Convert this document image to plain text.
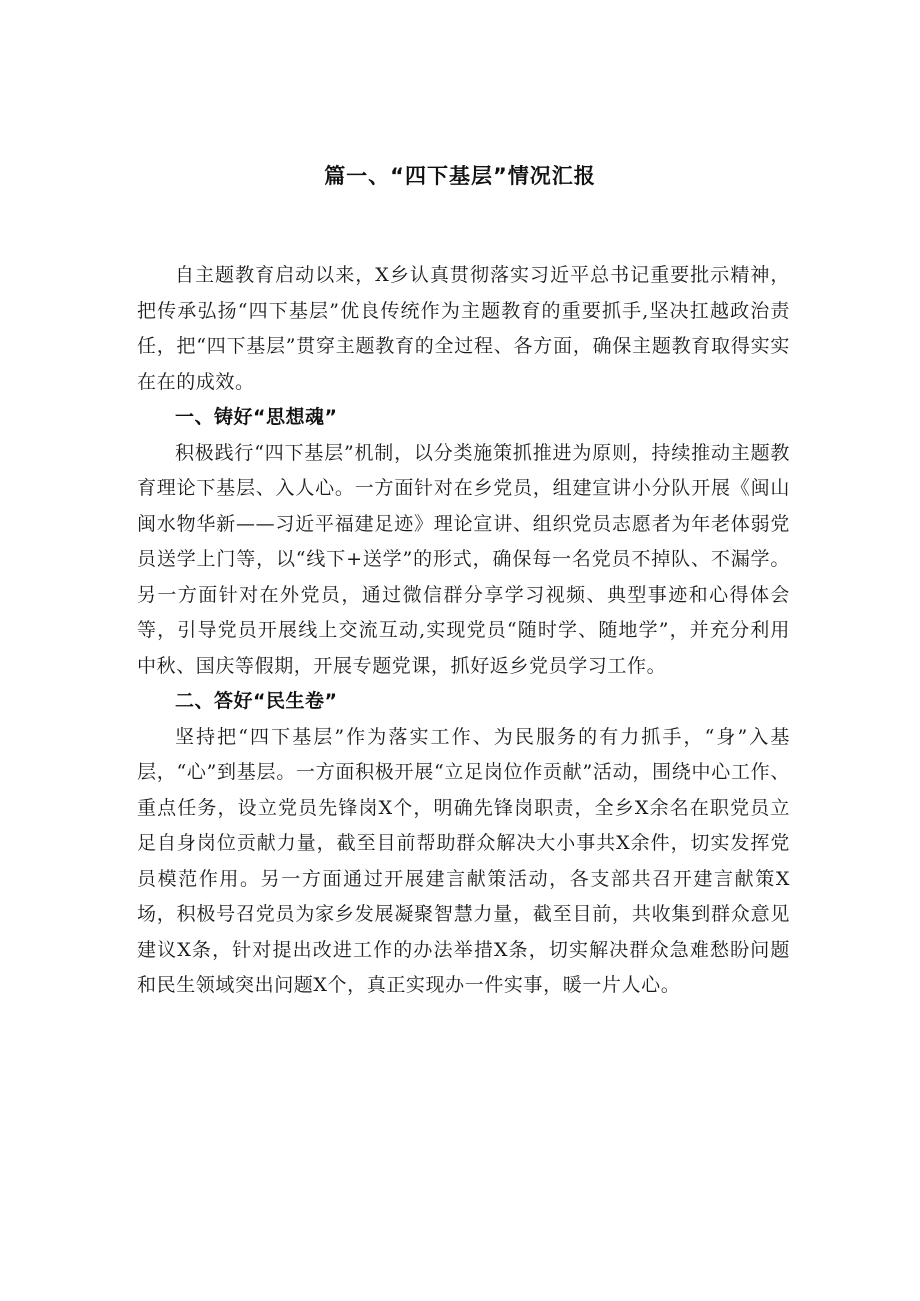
篇一、“四下基层”情况汇报

自主题教育启动以来，X乡认真贯彻落实习近平总书记重要批示精神，把传承弘扬“四下基层”优良传统作为主题教育的重要抓手,坚决扛越政治责任，把“四下基层”贯穿主题教育的全过程、各方面，确保主题教育取得实实在在的成效。

一、铸好“思想魂”

积极践行“四下基层”机制，以分类施策抓推进为原则，持续推动主题教育理论下基层、入人心。一方面针对在乡党员，组建宣讲小分队开展《闽山闽水物华新——习近平福建足迹》理论宣讲、组织党员志愿者为年老体弱党员送学上门等，以“线下+送学”的形式，确保每一名党员不掉队、不漏学。另一方面针对在外党员，通过微信群分享学习视频、典型事迹和心得体会等，引导党员开展线上交流互动,实现党员“随时学、随地学”，并充分利用中秋、国庆等假期，开展专题党课，抓好返乡党员学习工作。

二、答好“民生卷”

坚持把“四下基层”作为落实工作、为民服务的有力抓手，“身”入基层，“心”到基层。一方面积极开展“立足岗位作贡献”活动，围绕中心工作、重点任务，设立党员先锋岗X个，明确先锋岗职责，全乡X余名在职党员立足自身岗位贡献力量，截至目前帮助群众解决大小事共X余件，切实发挥党员模范作用。另一方面通过开展建言献策活动，各支部共召开建言献策X场，积极号召党员为家乡发展凝聚智慧力量，截至目前，共收集到群众意见建议X条，针对提出改进工作的办法举措X条，切实解决群众急难愁盼问题和民生领域突出问题X个，真正实现办一件实事，暖一片人心。
